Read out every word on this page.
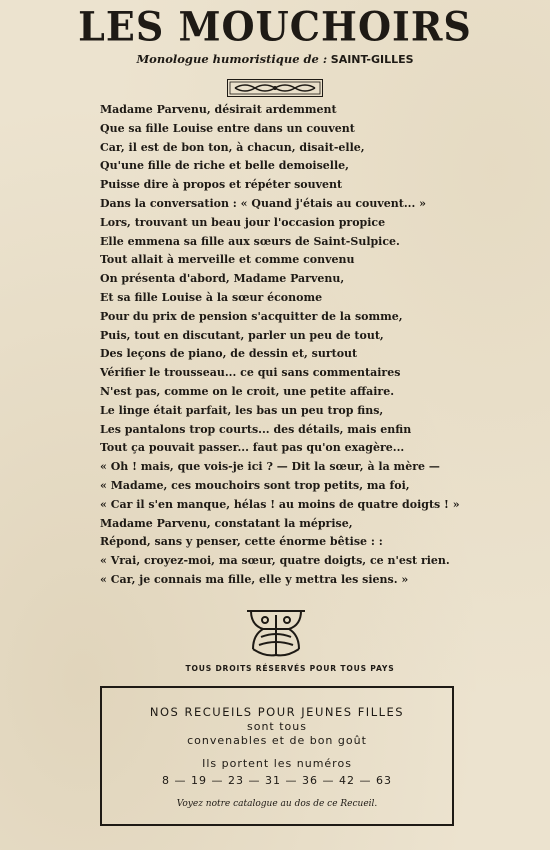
LES MOUCHOIRS
Monologue humoristique de : SAINT-GILLES
Madame Parvenu, désirait ardemment
Que sa fille Louise entre dans un couvent
Car, il est de bon ton, à chacun, disait-elle,
Qu'une fille de riche et belle demoiselle,
Puisse dire à propos et répéter souvent
Dans la conversation : « Quand j'étais au couvent... »
Lors, trouvant un beau jour l'occasion propice
Elle emmena sa fille aux sœurs de Saint-Sulpice.
Tout allait à merveille et comme convenu
On présenta d'abord, Madame Parvenu,
Et sa fille Louise à la sœur économe
Pour du prix de pension s'acquitter de la somme,
Puis, tout en discutant, parler un peu de tout,
Des leçons de piano, de dessin et, surtout
Vérifier le trousseau... ce qui sans commentaires
N'est pas, comme on le croit, une petite affaire.
Le linge était parfait, les bas un peu trop fins,
Les pantalons trop courts... des détails, mais enfin
Tout ça pouvait passer... faut pas qu'on exagère...
« Oh ! mais, que vois-je ici ? — Dit la sœur, à la mère —
« Madame, ces mouchoirs sont trop petits, ma foi,
« Car il s'en manque, hélas ! au moins de quatre doigts ! »
Madame Parvenu, constatant la méprise,
Répond, sans y penser, cette énorme bêtise : :
« Vrai, croyez-moi, ma sœur, quatre doigts, ce n'est rien.
« Car, je connais ma fille, elle y mettra les siens. »
TOUS DROITS RÉSERVÉS POUR TOUS PAYS
NOS RECUEILS POUR JEUNES FILLES
sont tous
convenables et de bon goût
Ils portent les numéros
8 — 19 — 23 — 31 — 36 — 42 — 63
Voyez notre catalogue au dos de ce Recueil.
